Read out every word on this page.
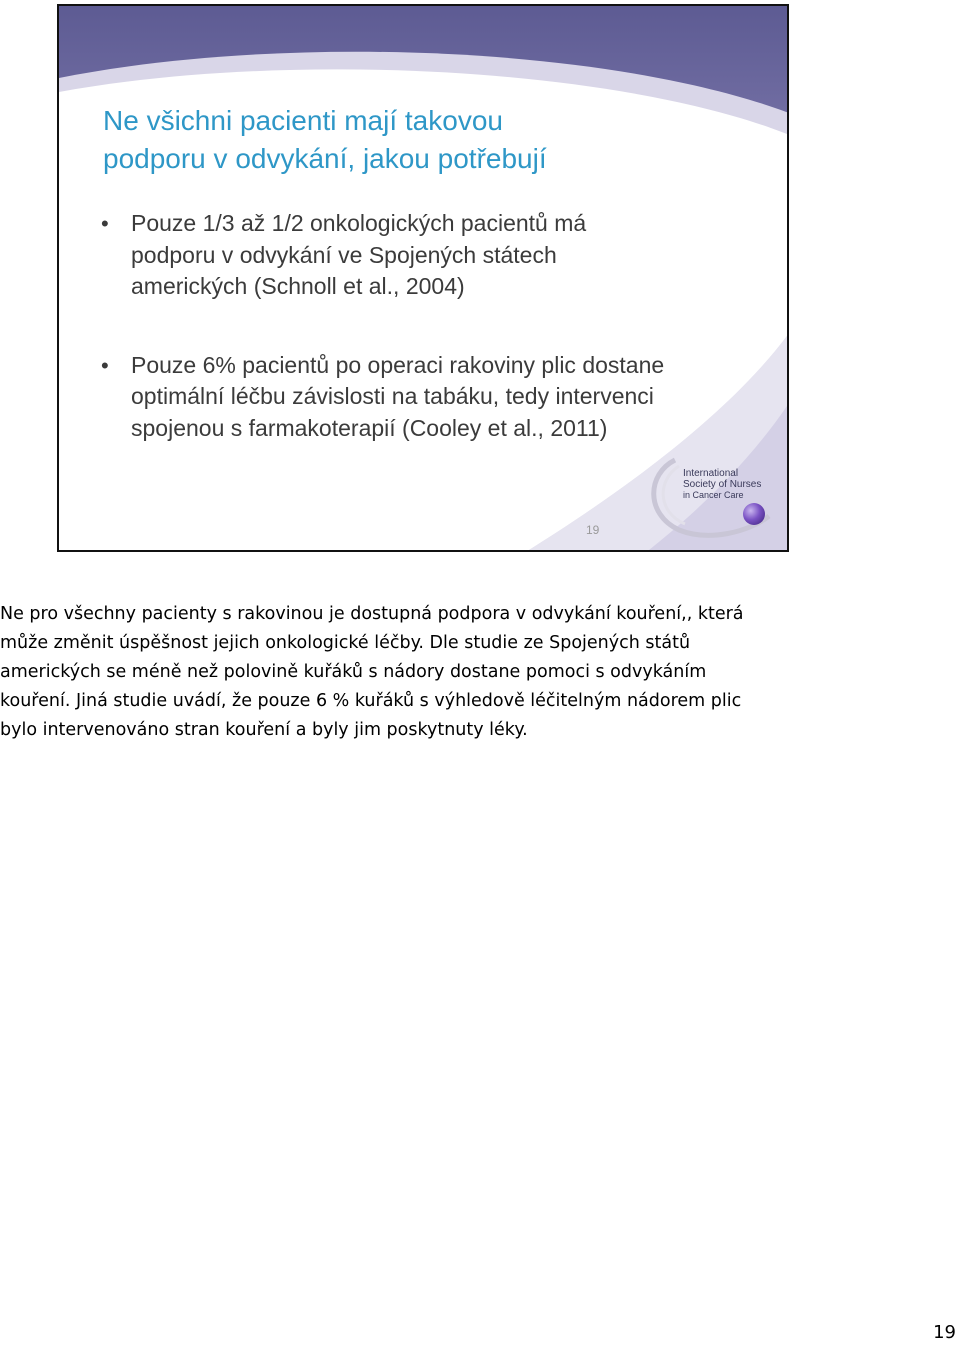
Ne všichni pacienti mají takovou
podporu v odvykání, jakou potřebují
• Pouze 1/3 až 1/2 onkologických pacientů má
podporu v odvykání ve Spojených státech
amerických (Schnoll et al., 2004)
• Pouze 6% pacientů po operaci rakoviny plic dostane
optimální léčbu závislosti na tabáku, tedy intervenci
spojenou s farmakoterapií (Cooley et al., 2011)
International
Society of Nurses
in Cancer Care
19
Ne pro všechny pacienty s rakovinou je dostupná podpora v odvykání kouření,, která
může změnit úspěšnost jejich onkologické léčby. Dle studie ze Spojených států
amerických se méně než polovině kuřáků s nádory dostane pomoci s odvykáním
kouření. Jiná studie uvádí, že pouze 6 % kuřáků s výhledově léčitelným nádorem plic
bylo intervenováno stran kouření a byly jim poskytnuty léky.
19
